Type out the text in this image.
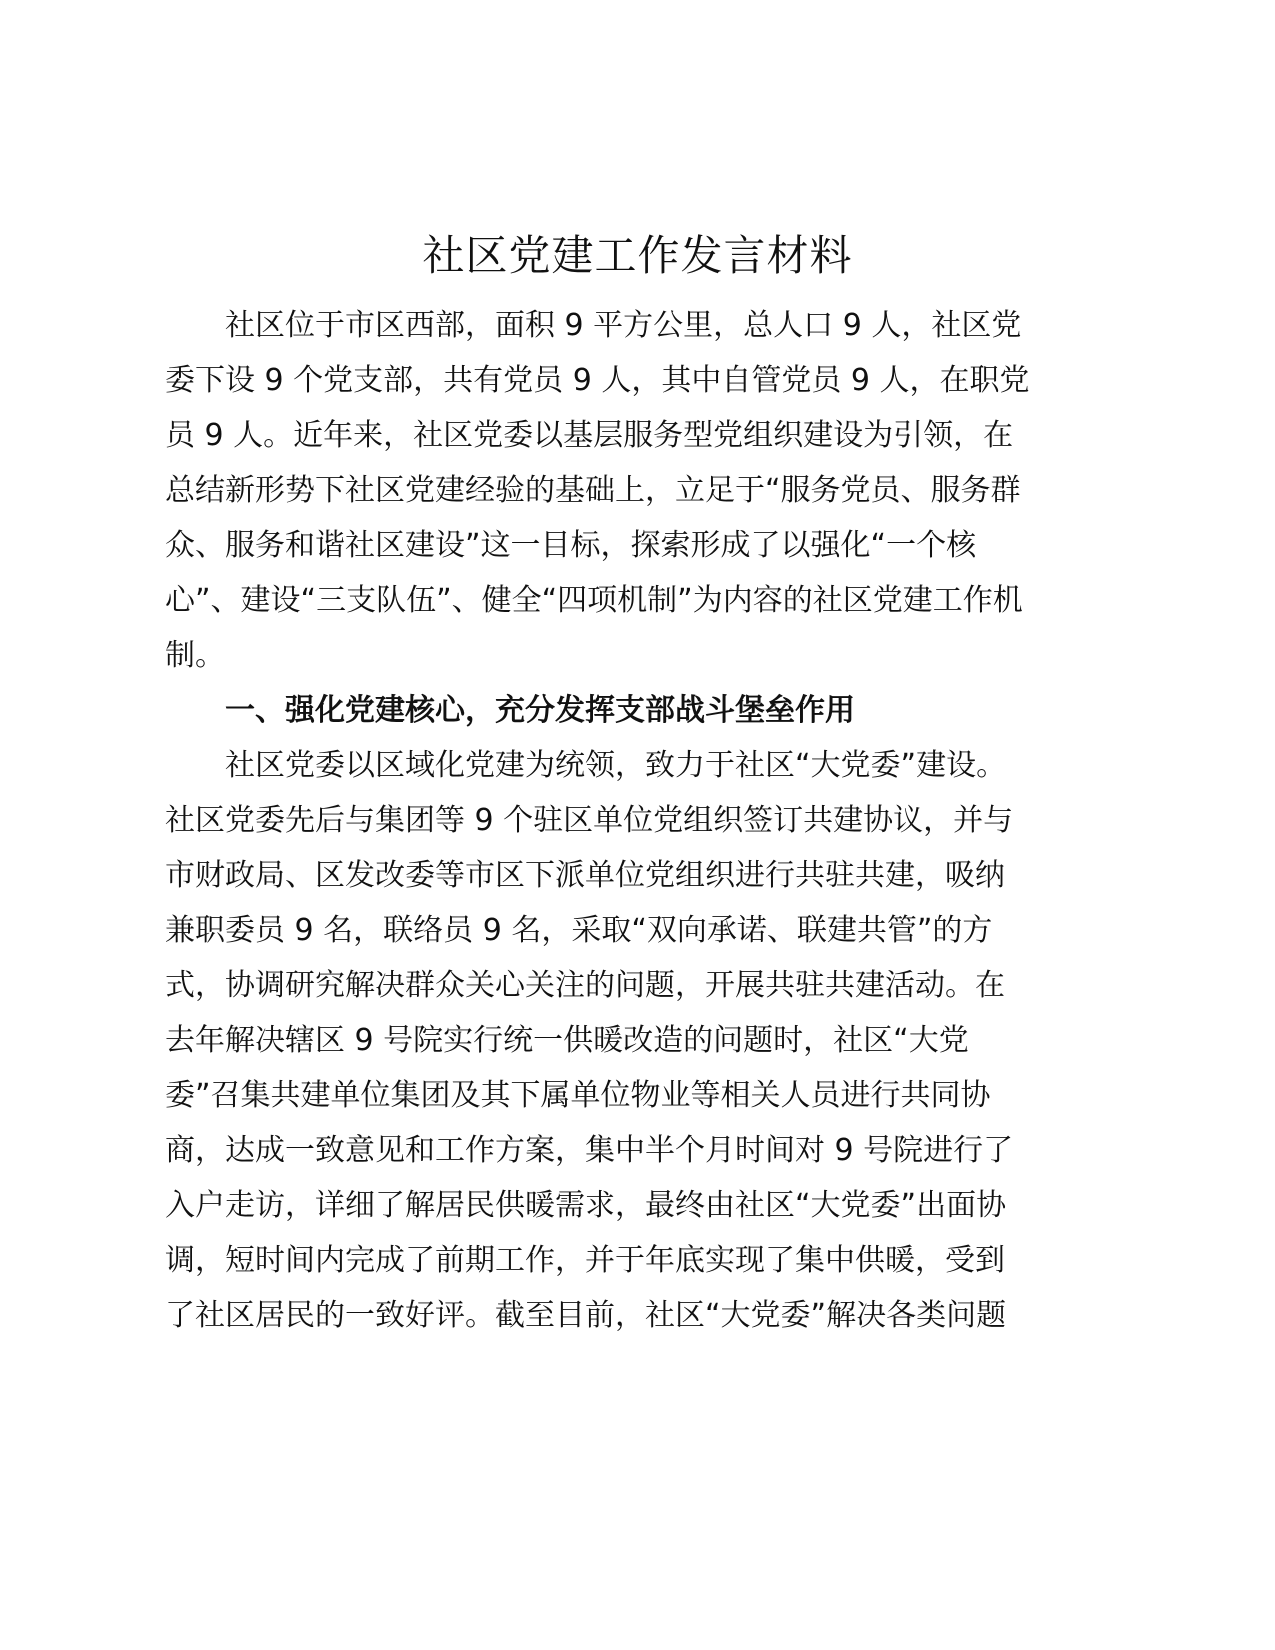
社区党建工作发言材料
　　社区位于市区西部，面积 9 平方公里，总人口 9 人，社区党
委下设 9 个党支部，共有党员 9 人，其中自管党员 9 人，在职党
员 9 人。近年来，社区党委以基层服务型党组织建设为引领，在
总结新形势下社区党建经验的基础上，立足于“服务党员、服务群
众、服务和谐社区建设”这一目标，探索形成了以强化“一个核
心”、建设“三支队伍”、健全“四项机制”为内容的社区党建工作机
制。
　　一、强化党建核心，充分发挥支部战斗堡垒作用
　　社区党委以区域化党建为统领，致力于社区“大党委”建设。
社区党委先后与集团等 9 个驻区单位党组织签订共建协议，并与
市财政局、区发改委等市区下派单位党组织进行共驻共建，吸纳
兼职委员 9 名，联络员 9 名，采取“双向承诺、联建共管”的方
式，协调研究解决群众关心关注的问题，开展共驻共建活动。在
去年解决辖区 9 号院实行统一供暖改造的问题时，社区“大党
委”召集共建单位集团及其下属单位物业等相关人员进行共同协
商，达成一致意见和工作方案，集中半个月时间对 9 号院进行了
入户走访，详细了解居民供暖需求，最终由社区“大党委”出面协
调，短时间内完成了前期工作，并于年底实现了集中供暖，受到
了社区居民的一致好评。截至目前，社区“大党委”解决各类问题
